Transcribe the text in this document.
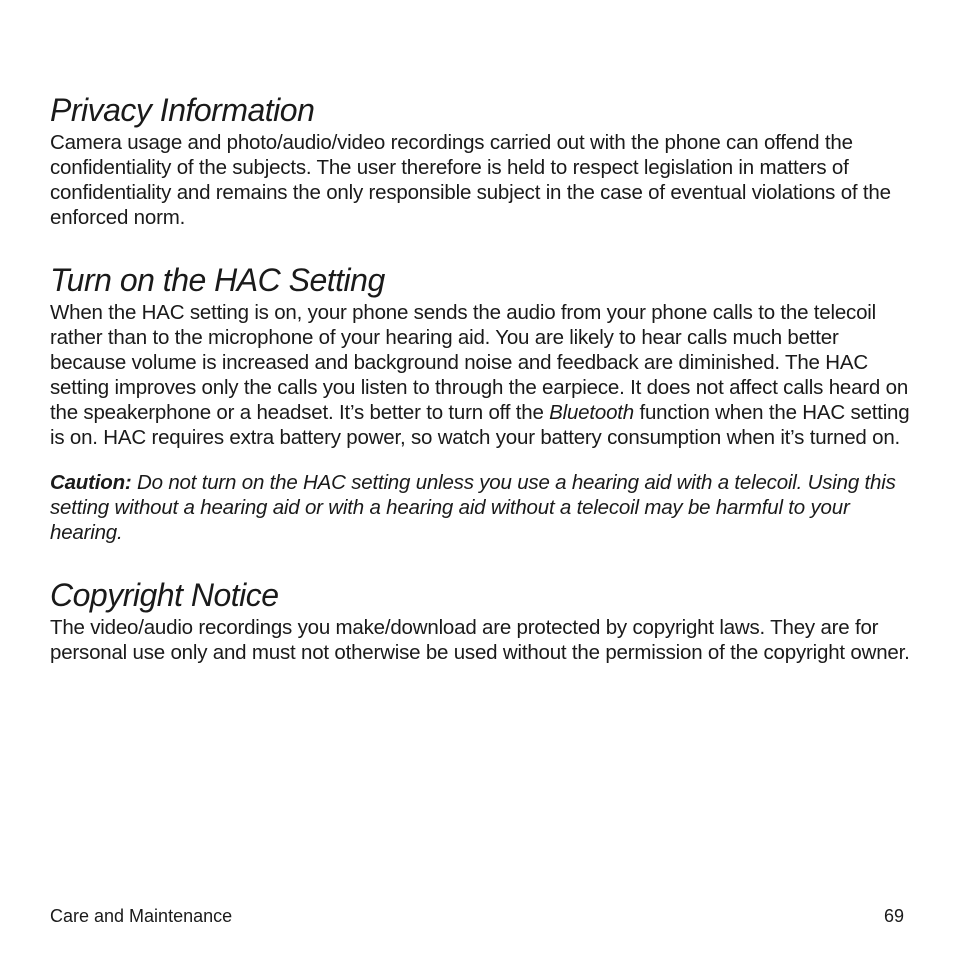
Privacy Information

Camera usage and photo/audio/video recordings carried out with the phone can offend the confidentiality of the subjects. The user therefore is held to respect legislation in matters of confidentiality and remains the only responsible subject in the case of eventual violations of the enforced norm.

Turn on the HAC Setting

When the HAC setting is on, your phone sends the audio from your phone calls to the telecoil rather than to the microphone of your hearing aid. You are likely to hear calls much better because volume is increased and background noise and feedback are diminished. The HAC setting improves only the calls you listen to through the earpiece. It does not affect calls heard on the speakerphone or a headset. It’s better to turn off the Bluetooth function when the HAC setting is on. HAC requires extra battery power, so watch your battery consumption when it’s turned on.

Caution: Do not turn on the HAC setting unless you use a hearing aid with a telecoil. Using this setting without a hearing aid or with a hearing aid without a telecoil may be harmful to your hearing.

Copyright Notice

The video/audio recordings you make/download are protected by copyright laws. They are for personal use only and must not otherwise be used without the permission of the copyright owner.

Care and Maintenance	69
